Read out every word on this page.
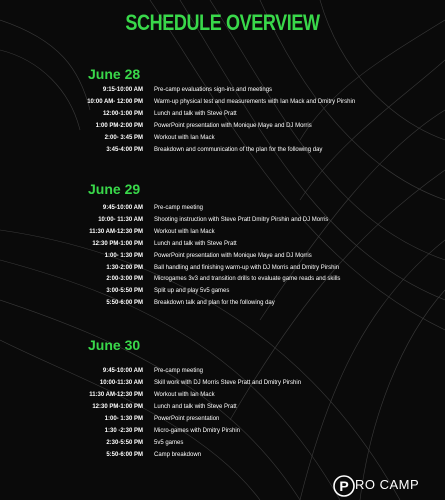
SCHEDULE OVERVIEW
June 28
9:15-10:00 AM Pre-camp evaluations sign-ins and meetings
10:00 AM- 12:00 PM Warm-up physical test and measurements with Ian Mack and Dmitry Pirshin
12:00-1:00 PM Lunch and talk with Steve Pratt
1:00 PM-2:00 PM PowerPoint presentation with Monique Maye and DJ Morris
2:00- 3:45 PM Workout with Ian Mack
3:45-4:00 PM Breakdown and communication of the plan for the following day
June 29
9:45-10:00 AM Pre-camp meeting
10:00- 11:30 AM Shooting instruction with Steve Pratt Dmitry Pirshin and DJ Morris
11:30 AM-12:30 PM Workout with Ian Mack
12:30 PM-1:00 PM Lunch and talk with Steve Pratt
1:00- 1:30 PM PowerPoint presentation with Monique Maye and DJ Morris
1:30-2:00 PM Ball handling and finishing warm-up with DJ Morris and Dmitry Pirshin
2:00-3:00 PM Microgames 3v3 and transition drills to evaluate game reads and skills
3:00-5:50 PM Split up and play 5v5 games
5:50-6:00 PM Breakdown talk and plan for the following day
June 30
9:45-10:00 AM Pre-camp meeting
10:00-11:30 AM Skill work with DJ Morris Steve Pratt and Dmitry Pirshin
11:30 AM-12:30 PM Workout with Ian Mack
12:30 PM-1:00 PM Lunch and talk with Steve Pratt
1:00- 1:30 PM PowerPoint presentation
1:30 -2:30 PM Micro-games with Dmitry Pirshin
2:30-5:50 PM 5v5 games
5:50-6:00 PM Camp breakdown
P RO CAMP
